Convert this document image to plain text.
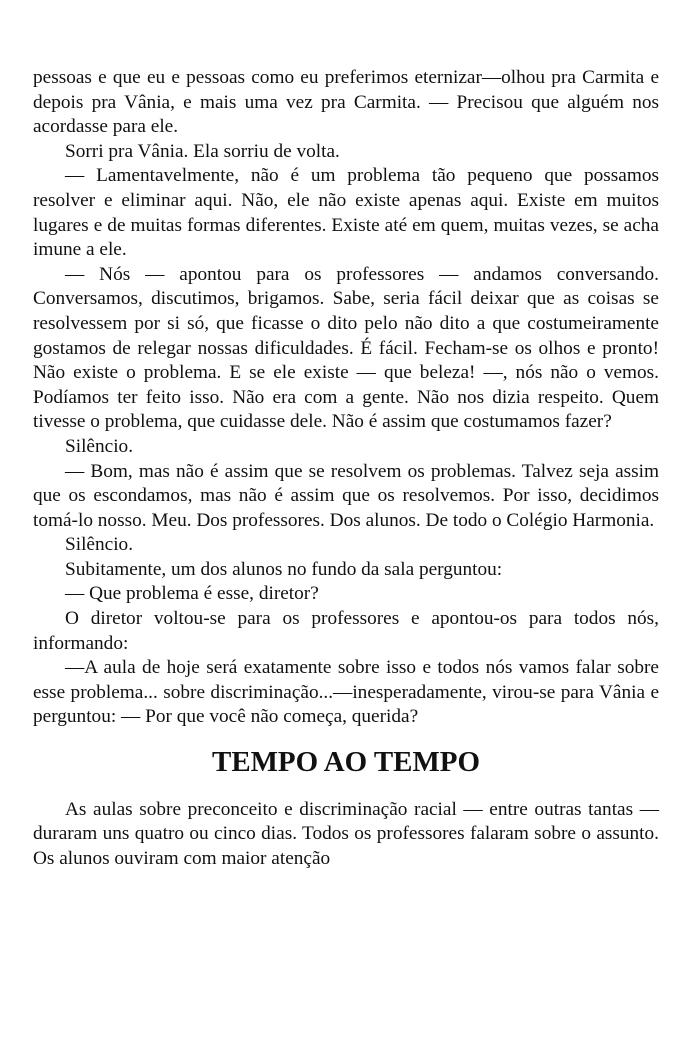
pessoas e que eu e pessoas como eu preferimos eternizar—olhou pra Carmita e depois pra Vânia, e mais uma vez pra Carmita. — Precisou que alguém nos acordasse para ele.

Sorri pra Vânia. Ela sorriu de volta.

— Lamentavelmente, não é um problema tão pequeno que possamos resolver e eliminar aqui. Não, ele não existe apenas aqui. Existe em muitos lugares e de muitas formas diferentes. Existe até em quem, muitas vezes, se acha imune a ele.

— Nós — apontou para os professores — andamos conversando. Conversamos, discutimos, brigamos. Sabe, seria fácil deixar que as coisas se resolvessem por si só, que ficasse o dito pelo não dito a que costumeiramente gostamos de relegar nossas dificuldades. É fácil. Fecham-se os olhos e pronto! Não existe o problema. E se ele existe — que beleza! —, nós não o vemos. Podíamos ter feito isso. Não era com a gente. Não nos dizia respeito. Quem tivesse o problema, que cuidasse dele. Não é assim que costumamos fazer?

Silêncio.

— Bom, mas não é assim que se resolvem os problemas. Talvez seja assim que os escondamos, mas não é assim que os resolvemos. Por isso, decidimos tomá-lo nosso. Meu. Dos professores. Dos alunos. De todo o Colégio Harmonia.

Silêncio.

Subitamente, um dos alunos no fundo da sala perguntou:

— Que problema é esse, diretor?

O diretor voltou-se para os professores e apontou-os para todos nós, informando:

—A aula de hoje será exatamente sobre isso e todos nós vamos falar sobre esse problema... sobre discriminação...—inesperadamente, virou-se para Vânia e perguntou: — Por que você não começa, querida?

TEMPO AO TEMPO

As aulas sobre preconceito e discriminação racial — entre outras tantas — duraram uns quatro ou cinco dias. Todos os professores falaram sobre o assunto. Os alunos ouviram com maior atenção
